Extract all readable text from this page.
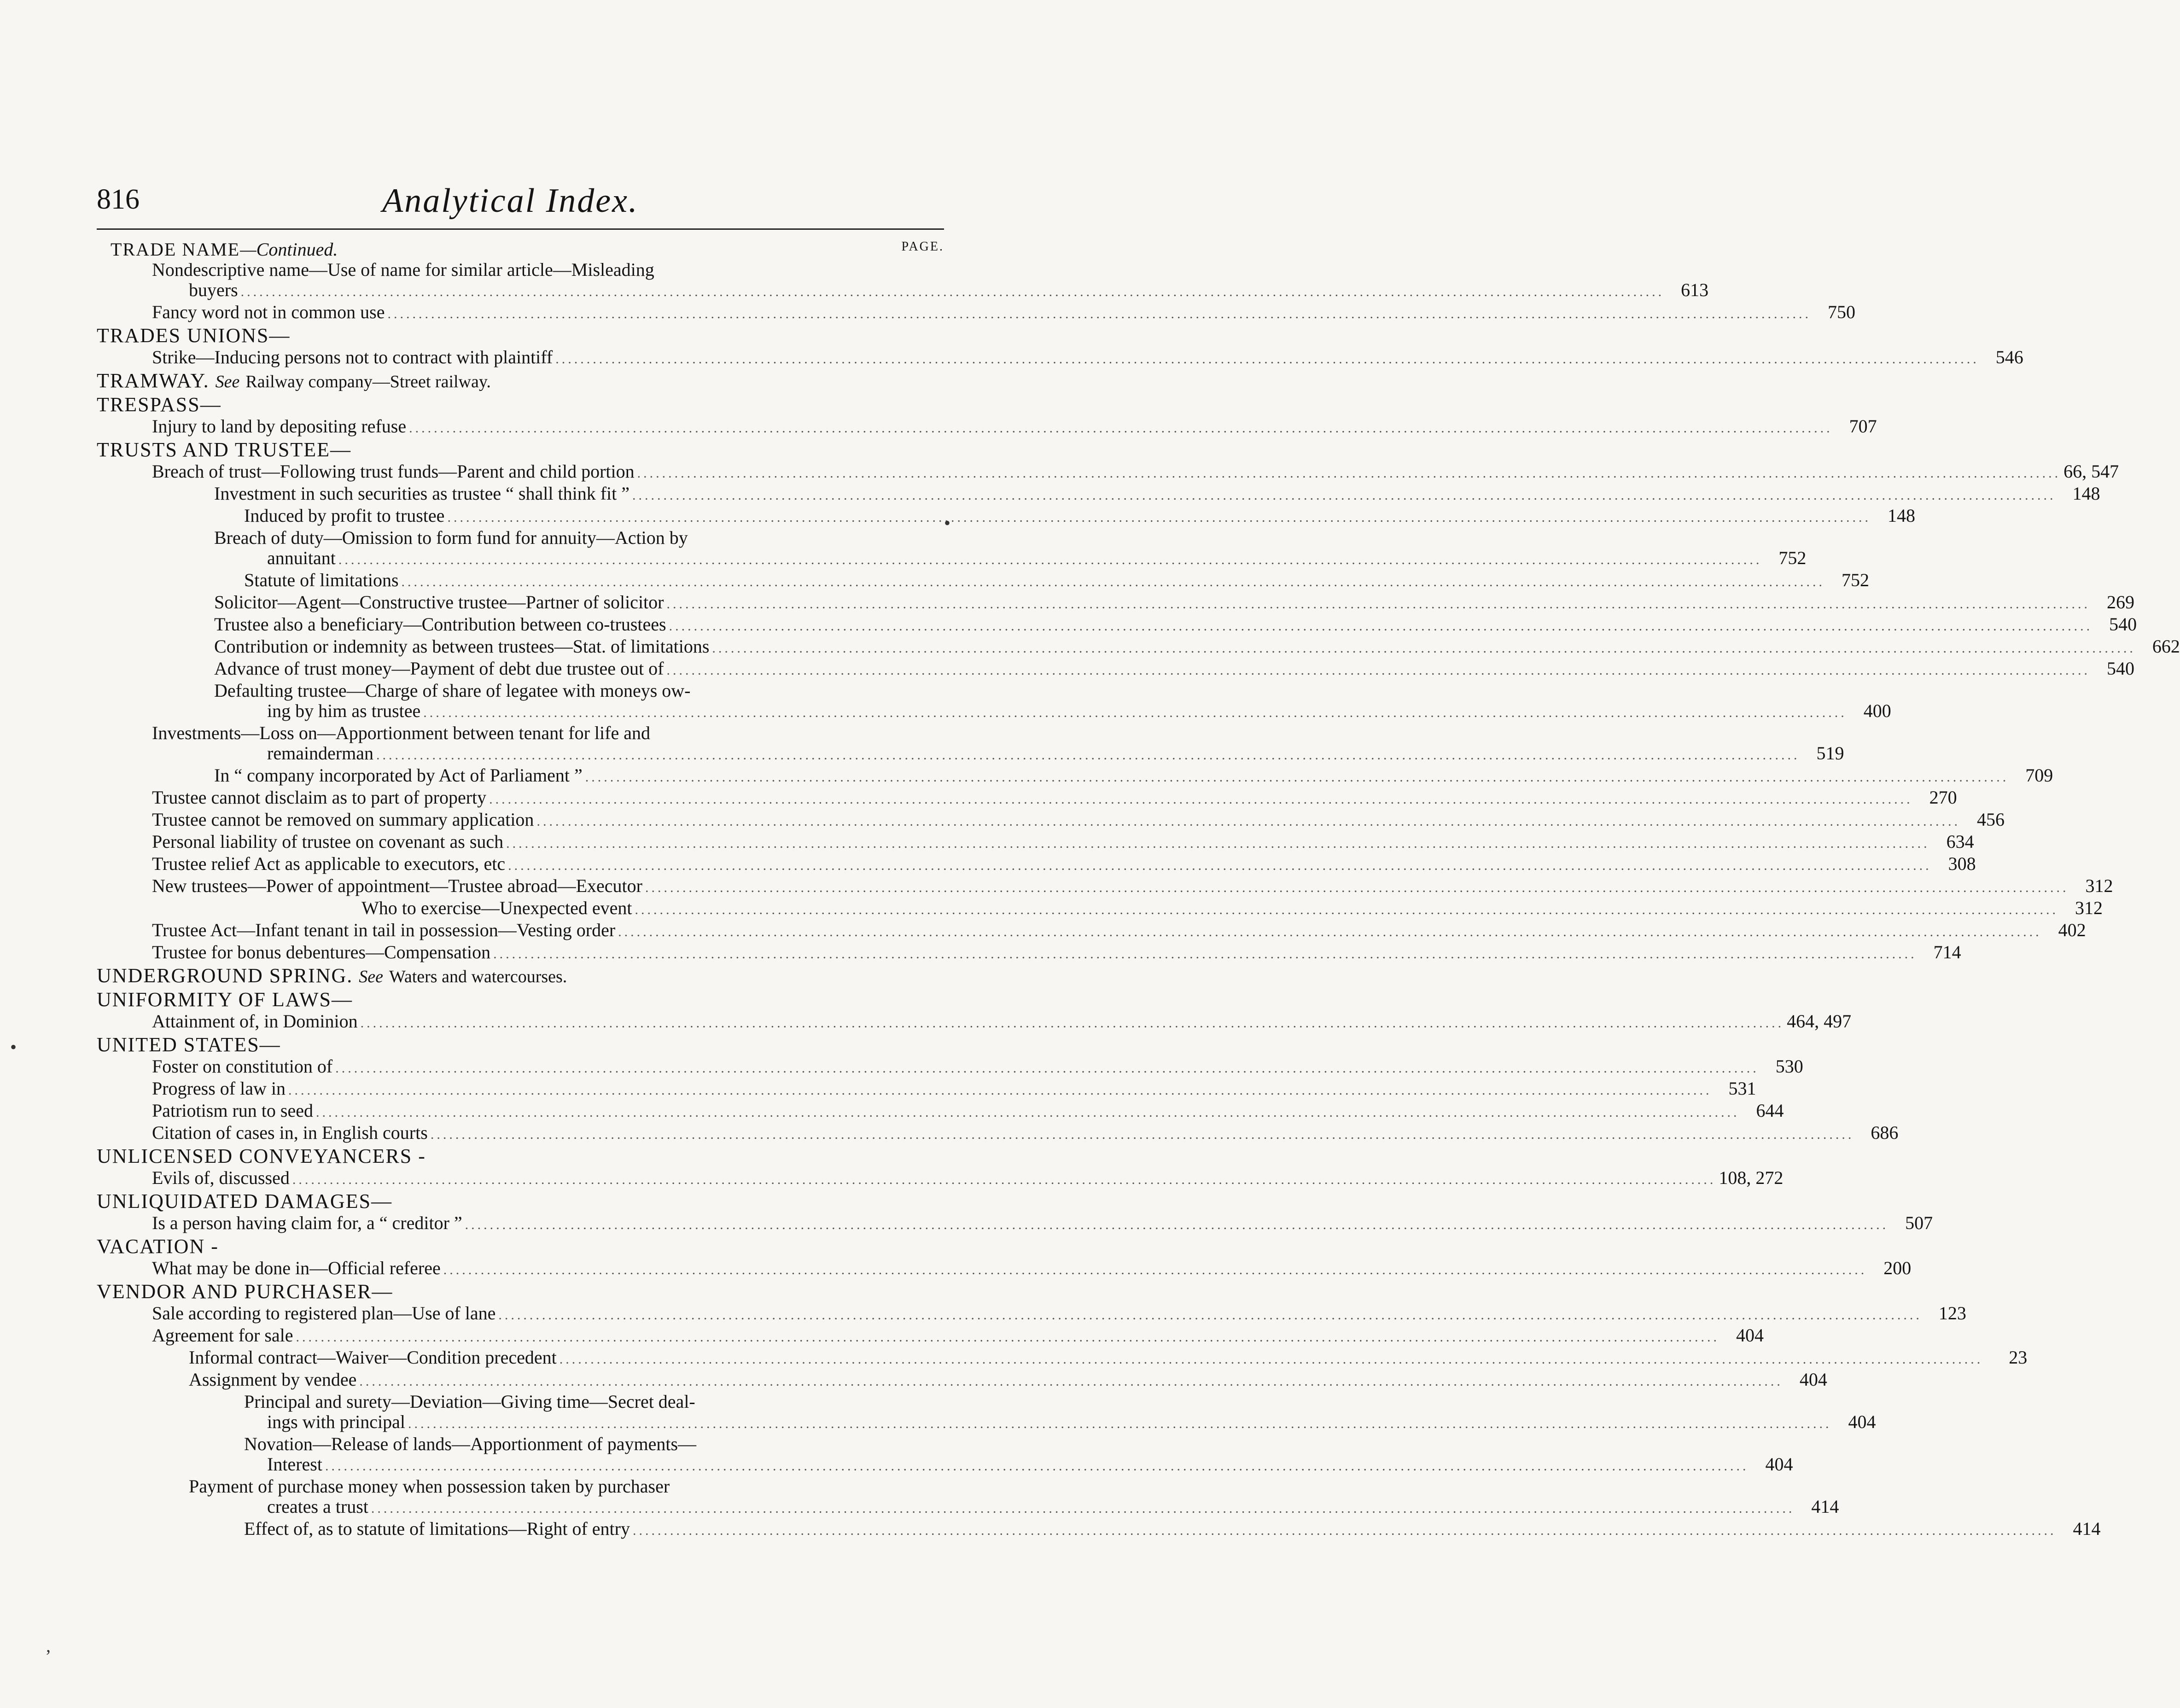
816	Analytical Index.
TRADE NAME—Continued.	PAGE.
Nondescriptive name—Use of name for similar article—Misleading
buyers .....	613
Fancy word not in common use .....	750
TRADES UNIONS—
Strike—Inducing persons not to contract with plaintiff .....	546
TRAMWAY. See Railway company—Street railway.
TRESPASS—
Injury to land by depositing refuse .....	707
TRUSTS AND TRUSTEE—
Breach of trust—Following trust funds—Parent and child portion .....	66, 547
Investment in such securities as trustee “ shall think fit ” .....	148
Induced by profit to trustee .....	148
Breach of duty—Omission to form fund for annuity—Action by
annuitant .....	752
Statute of limitations .....	752
Solicitor—Agent—Constructive trustee—Partner of solicitor .....	269
Trustee also a beneficiary—Contribution between co-trustees .....	540
Contribution or indemnity as between trustees—Stat. of limitations .....	662
Advance of trust money—Payment of debt due trustee out of .....	540
Defaulting trustee—Charge of share of legatee with moneys ow-
ing by him as trustee .....	400
Investments—Loss on—Apportionment between tenant for life and
remainderman .....	519
In “ company incorporated by Act of Parliament ” .....	709
Trustee cannot disclaim as to part of property .....	270
Trustee cannot be removed on summary application .....	456
Personal liability of trustee on covenant as such .....	634
Trustee relief Act as applicable to executors, etc .....	308
New trustees—Power of appointment—Trustee abroad—Executor .....	312
Who to exercise—Unexpected event .....	312
Trustee Act—Infant tenant in tail in possession—Vesting order .....	402
Trustee for bonus debentures—Compensation .....	714
UNDERGROUND SPRING. See Waters and watercourses.
UNIFORMITY OF LAWS—
Attainment of, in Dominion .....	464, 497
UNITED STATES—
Foster on constitution of .....	530
Progress of law in .....	531
Patriotism run to seed .....	644
Citation of cases in, in English courts .....	686
UNLICENSED CONVEYANCERS -
Evils of, discussed .....	108, 272
UNLIQUIDATED DAMAGES—
Is a person having claim for, a “ creditor ” .....	507
VACATION -
What may be done in—Official referee .....	200
VENDOR AND PURCHASER—
Sale according to registered plan—Use of lane .....	123
Agreement for sale .....	404
Informal contract—Waiver—Condition precedent .....	23
Assignment by vendee .....	404
Principal and surety—Deviation—Giving time—Secret deal-
ings with principal .....	404
Novation—Release of lands—Apportionment of payments—
Interest .....	404
Payment of purchase money when possession taken by purchaser
creates a trust .....	414
Effect of, as to statute of limitations—Right of entry .....	414
•
•
,
